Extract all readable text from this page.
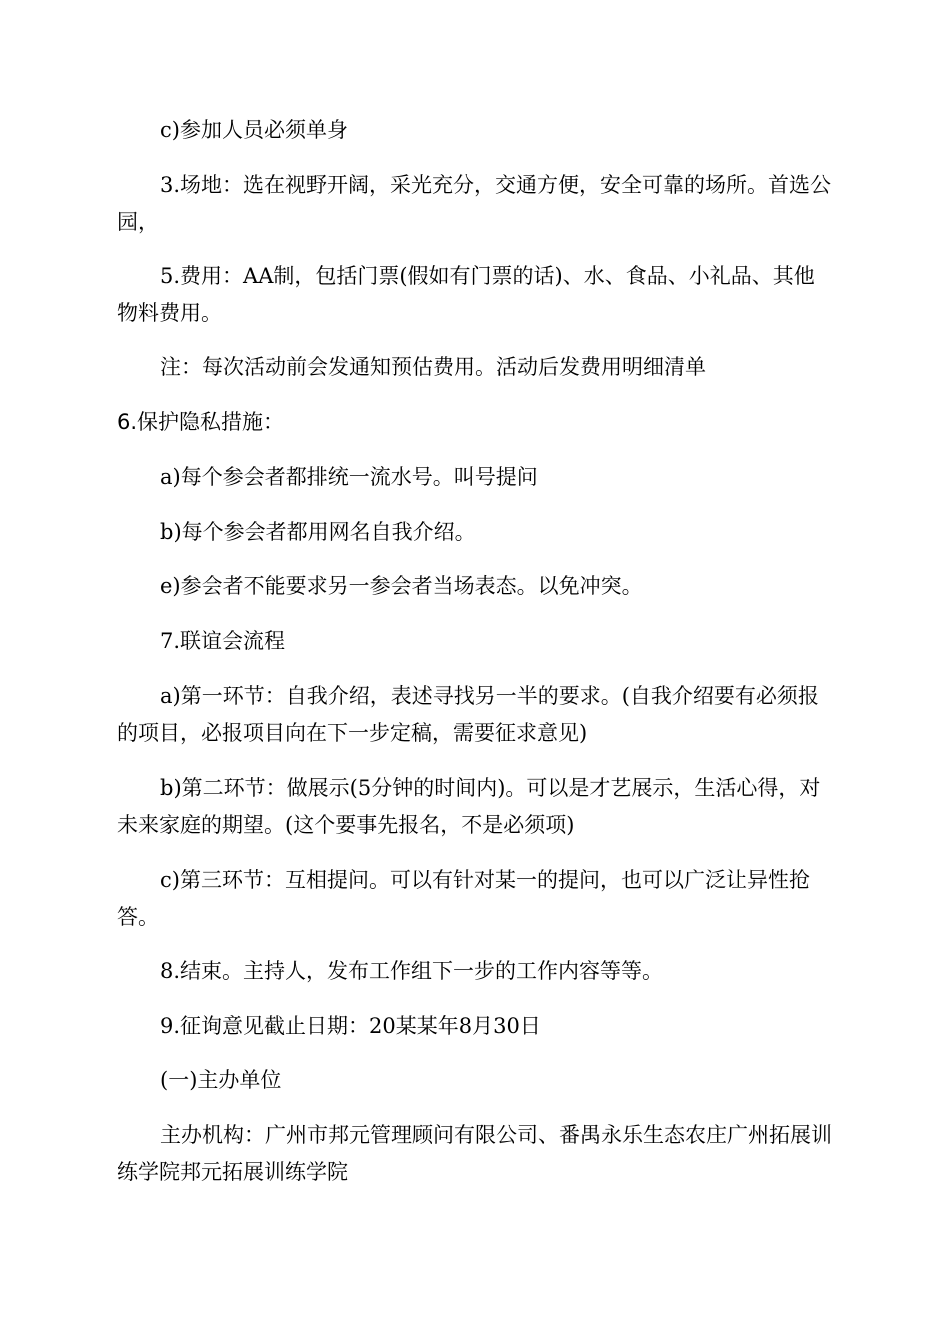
c)参加人员必须单身

3.场地：选在视野开阔，采光充分，交通方便，安全可靠的场所。首选公园，

5.费用：AA制，包括门票(假如有门票的话)、水、食品、小礼品、其他物料费用。

注：每次活动前会发通知预估费用。活动后发费用明细清单

6.保护隐私措施：

a)每个参会者都排统一流水号。叫号提问

b)每个参会者都用网名自我介绍。

e)参会者不能要求另一参会者当场表态。以免冲突。

7.联谊会流程

a)第一环节：自我介绍，表述寻找另一半的要求。(自我介绍要有必须报的项目，必报项目向在下一步定稿，需要征求意见)

b)第二环节：做展示(5分钟的时间内)。可以是才艺展示，生活心得，对未来家庭的期望。(这个要事先报名，不是必须项)

c)第三环节：互相提问。可以有针对某一的提问，也可以广泛让异性抢答。

8.结束。主持人，发布工作组下一步的工作内容等等。

9.征询意见截止日期：20某某年8月30日

(一)主办单位

主办机构：广州市邦元管理顾问有限公司、番禺永乐生态农庄广州拓展训练学院邦元拓展训练学院
